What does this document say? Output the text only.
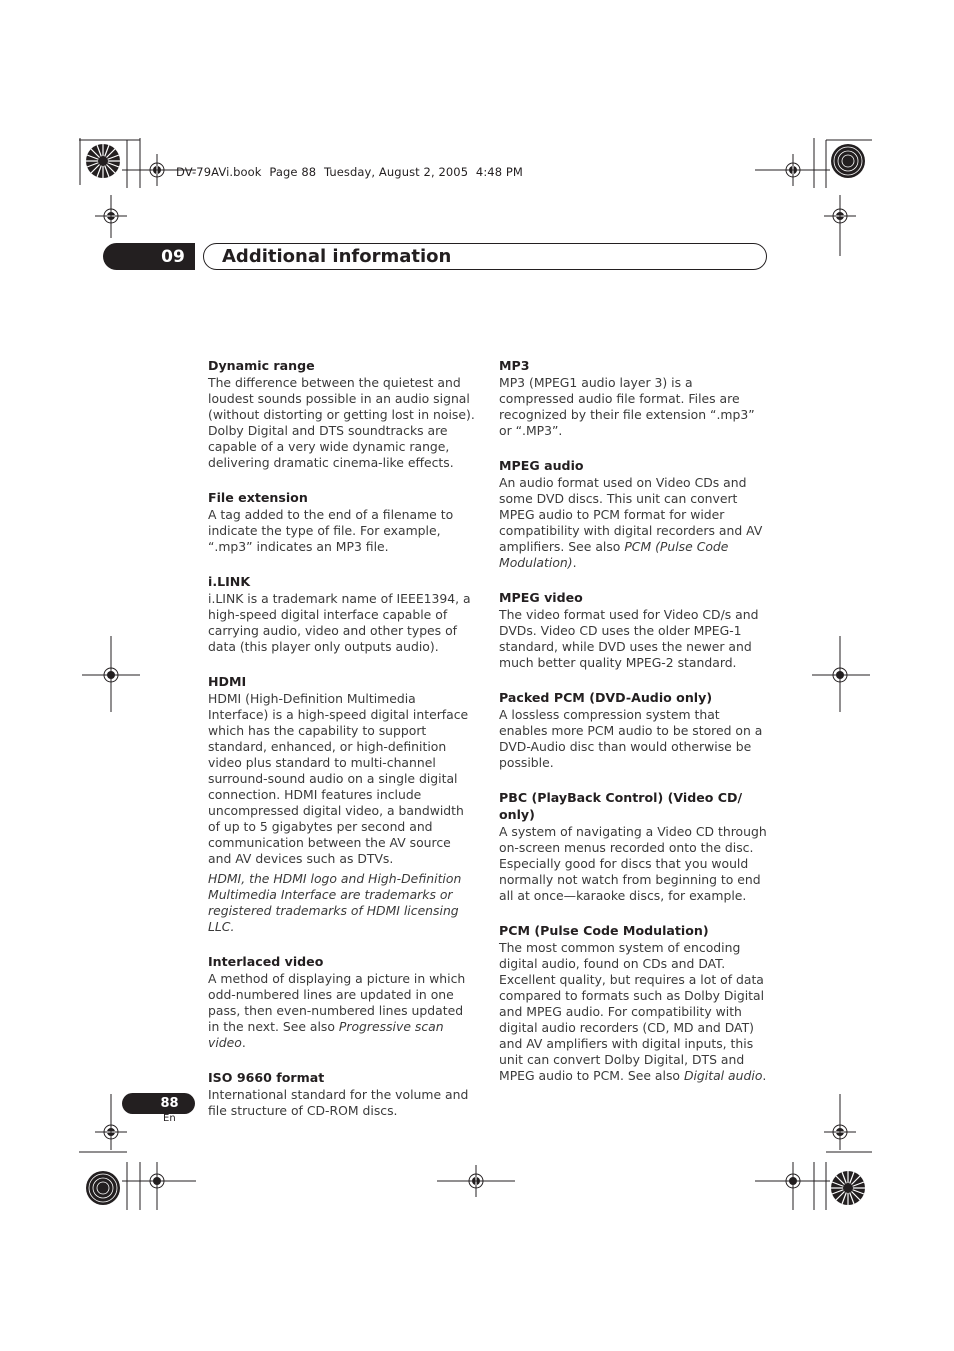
DV-79AVi.book Page 88 Tuesday, August 2, 2005 4:48 PM
09 Additional information

Dynamic range

The difference between the quietest and loudest sounds possible in an audio signal (without distorting or getting lost in noise). Dolby Digital and DTS soundtracks are capable of a very wide dynamic range, delivering dramatic cinema-like effects.

File extension

A tag added to the end of a filename to indicate the type of file. For example, “.mp3” indicates an MP3 file.

i.LINK

i.LINK is a trademark name of IEEE1394, a high-speed digital interface capable of carrying audio, video and other types of data (this player only outputs audio).

HDMI

HDMI (High-Definition Multimedia Interface) is a high-speed digital interface which has the capability to support standard, enhanced, or high-definition video plus standard to multi-channel surround-sound audio on a single digital connection. HDMI features include uncompressed digital video, a bandwidth of up to 5 gigabytes per second and communication between the AV source and AV devices such as DTVs.

HDMI, the HDMI logo and High-Definition Multimedia Interface are trademarks or registered trademarks of HDMI licensing LLC.

Interlaced video

A method of displaying a picture in which odd-numbered lines are updated in one pass, then even-numbered lines updated in the next. See also Progressive scan video.

ISO 9660 format

International standard for the volume and file structure of CD-ROM discs.

MP3

MP3 (MPEG1 audio layer 3) is a compressed audio file format. Files are recognized by their file extension “.mp3” or “.MP3”.

MPEG audio

An audio format used on Video CDs and some DVD discs. This unit can convert MPEG audio to PCM format for wider compatibility with digital recorders and AV amplifiers. See also PCM (Pulse Code Modulation).

MPEG video

The video format used for Video CD/s and DVDs. Video CD uses the older MPEG-1 standard, while DVD uses the newer and much better quality MPEG-2 standard.

Packed PCM (DVD-Audio only)

A lossless compression system that enables more PCM audio to be stored on a DVD-Audio disc than would otherwise be possible.

PBC (PlayBack Control) (Video CD/ only)

A system of navigating a Video CD through on-screen menus recorded onto the disc. Especially good for discs that you would normally not watch from beginning to end all at once—karaoke discs, for example.

PCM (Pulse Code Modulation)

The most common system of encoding digital audio, found on CDs and DAT. Excellent quality, but requires a lot of data compared to formats such as Dolby Digital and MPEG audio. For compatibility with digital audio recorders (CD, MD and DAT) and AV amplifiers with digital inputs, this unit can convert Dolby Digital, DTS and MPEG audio to PCM. See also Digital audio.

88
En
